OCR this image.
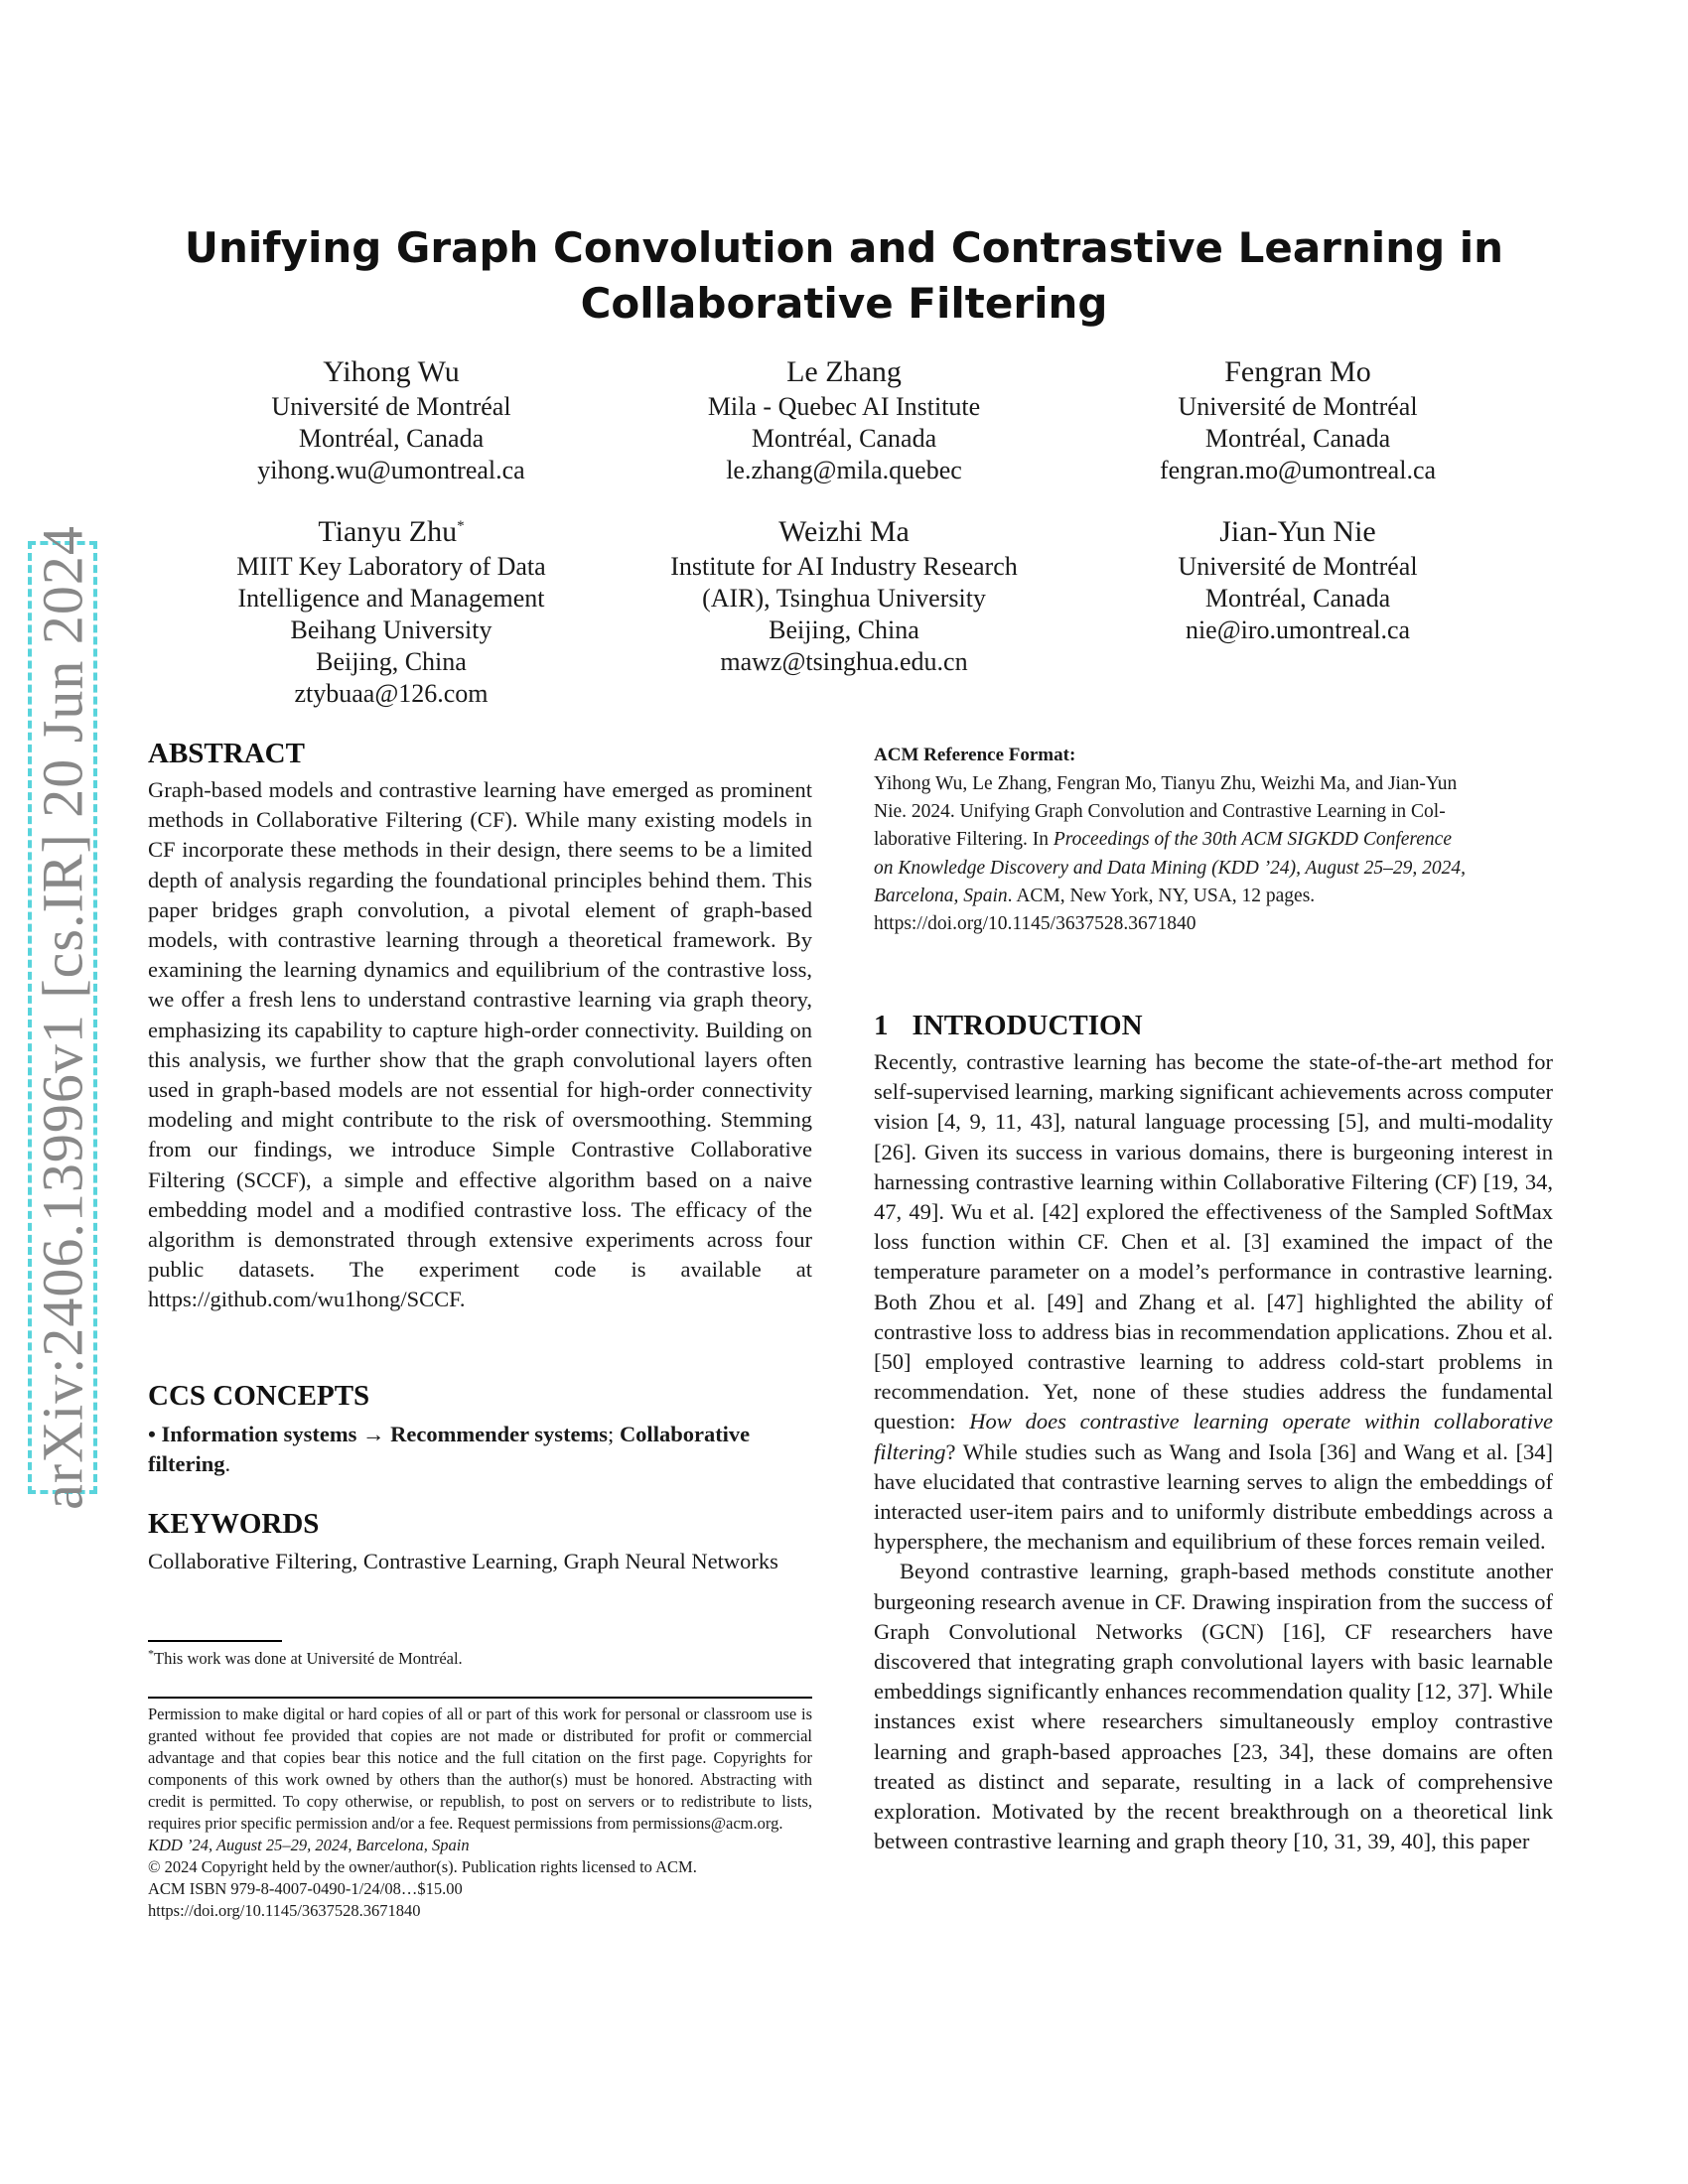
Unifying Graph Convolution and Contrastive Learning in Collaborative Filtering
Yihong Wu
Université de Montréal
Montréal, Canada
yihong.wu@umontreal.ca
Le Zhang
Mila - Quebec AI Institute
Montréal, Canada
le.zhang@mila.quebec
Fengran Mo
Université de Montréal
Montréal, Canada
fengran.mo@umontreal.ca
Tianyu Zhu*
MIIT Key Laboratory of Data
Intelligence and Management
Beihang University
Beijing, China
ztybuaa@126.com
Weizhi Ma
Institute for AI Industry Research
(AIR), Tsinghua University
Beijing, China
mawz@tsinghua.edu.cn
Jian-Yun Nie
Université de Montréal
Montréal, Canada
nie@iro.umontreal.ca
arXiv:2406.13996v1 [cs.IR] 20 Jun 2024 ABSTRACT

Graph-based models and contrastive learning have emerged as prominent methods in Collaborative Filtering (CF). While many existing models in CF incorporate these methods in their design, there seems to be a limited depth of analysis regarding the foundational principles behind them. This paper bridges graph convolution, a pivotal element of graph-based models, with contrastive learning through a theoretical framework. By examining the learning dynamics and equilibrium of the contrastive loss, we offer a fresh lens to understand contrastive learning via graph theory, emphasizing its capability to capture high-order connectivity. Building on this analysis, we further show that the graph convolutional layers often used in graph-based models are not essential for high-order connectivity modeling and might contribute to the risk of oversmoothing. Stemming from our findings, we introduce Simple Contrastive Collaborative Filtering (SCCF), a simple and effective algorithm based on a naive embedding model and a modified contrastive loss. The efficacy of the algorithm is demonstrated through extensive experiments across four public datasets. The experiment code is available at https://github.com/wu1hong/SCCF.

CCS CONCEPTS
• Information systems → Recommender systems; Collaborative filtering.
KEYWORDS

Collaborative Filtering, Contrastive Learning, Graph Neural Networks

*This work was done at Université de Montréal.
Permission to make digital or hard copies of all or part of this work for personal or classroom use is granted without fee provided that copies are not made or distributed for profit or commercial advantage and that copies bear this notice and the full citation on the first page. Copyrights for components of this work owned by others than the author(s) must be honored. Abstracting with credit is permitted. To copy otherwise, or republish, to post on servers or to redistribute to lists, requires prior specific permission and/or a fee. Request permissions from permissions@acm.org.
KDD ’24, August 25–29, 2024, Barcelona, Spain
© 2024 Copyright held by the owner/author(s). Publication rights licensed to ACM.
ACM ISBN 979-8-4007-0490-1/24/08…$15.00
https://doi.org/10.1145/3637528.3671840
ACM Reference Format:
Yihong Wu, Le Zhang, Fengran Mo, Tianyu Zhu, Weizhi Ma, and Jian-Yun
Nie. 2024. Unifying Graph Convolution and Contrastive Learning in Col-
laborative Filtering. In Proceedings of the 30th ACM SIGKDD Conference
on Knowledge Discovery and Data Mining (KDD ’24), August 25–29, 2024,
Barcelona, Spain. ACM, New York, NY, USA, 12 pages. https://doi.org/10.1145/3637528.3671840
1 INTRODUCTION

Recently, contrastive learning has become the state-of-the-art method for self-supervised learning, marking significant achievements across computer vision [4, 9, 11, 43], natural language processing [5], and multi-modality [26]. Given its success in various domains, there is burgeoning interest in harnessing contrastive learning within Collaborative Filtering (CF) [19, 34, 47, 49]. Wu et al. [42] explored the effectiveness of the Sampled SoftMax loss function within CF. Chen et al. [3] examined the impact of the temperature parameter on a model’s performance in contrastive learning. Both Zhou et al. [49] and Zhang et al. [47] highlighted the ability of contrastive loss to address bias in recommendation applications. Zhou et al. [50] employed contrastive learning to address cold-start problems in recommendation. Yet, none of these studies address the fundamental question: How does contrastive learning operate within collaborative filtering? While studies such as Wang and Isola [36] and Wang et al. [34] have elucidated that contrastive learning serves to align the embeddings of interacted user-item pairs and to uniformly distribute embeddings across a hypersphere, the mechanism and equilibrium of these forces remain veiled.

Beyond contrastive learning, graph-based methods constitute another burgeoning research avenue in CF. Drawing inspiration from the success of Graph Convolutional Networks (GCN) [16], CF researchers have discovered that integrating graph convolutional layers with basic learnable embeddings significantly enhances recommendation quality [12, 37]. While instances exist where researchers simultaneously employ contrastive learning and graph-based approaches [23, 34], these domains are often treated as distinct and separate, resulting in a lack of comprehensive exploration. Motivated by the recent breakthrough on a theoretical link between contrastive learning and graph theory [10, 31, 39, 40], this paper
